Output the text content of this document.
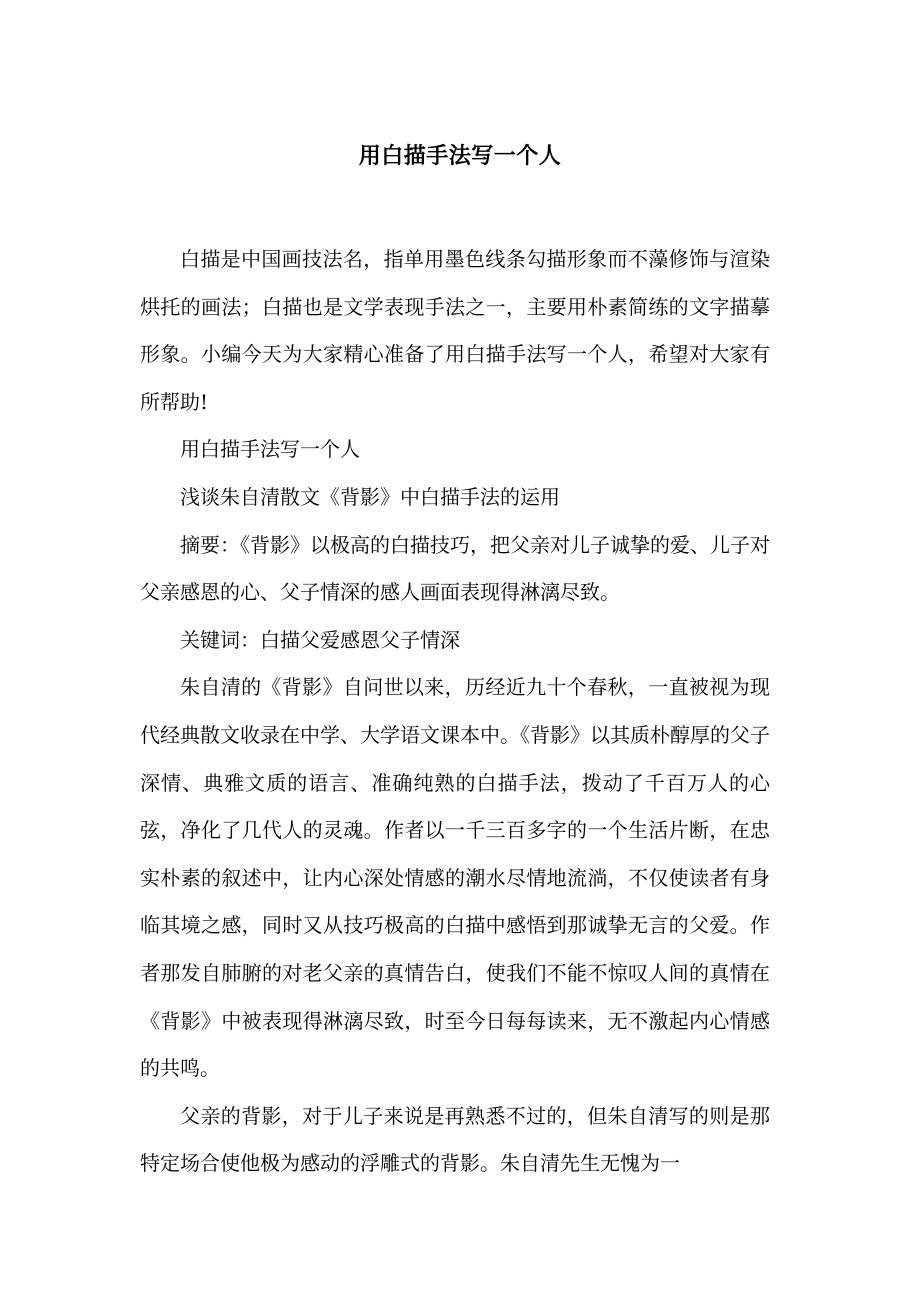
用白描手法写一个人

白描是中国画技法名，指单用墨色线条勾描形象而不藻修饰与渲染烘托的画法；白描也是文学表现手法之一，主要用朴素简练的文字描摹形象。小编今天为大家精心准备了用白描手法写一个人，希望对大家有所帮助!

用白描手法写一个人

浅谈朱自清散文《背影》中白描手法的运用

摘要：《背影》以极高的白描技巧，把父亲对儿子诚挚的爱、儿子对父亲感恩的心、父子情深的感人画面表现得淋漓尽致。

关键词：白描父爱感恩父子情深

朱自清的《背影》自问世以来，历经近九十个春秋，一直被视为现代经典散文收录在中学、大学语文课本中。《背影》以其质朴醇厚的父子深情、典雅文质的语言、准确纯熟的白描手法，拨动了千百万人的心弦，净化了几代人的灵魂。作者以一千三百多字的一个生活片断，在忠实朴素的叙述中，让内心深处情感的潮水尽情地流淌，不仅使读者有身临其境之感，同时又从技巧极高的白描中感悟到那诚挚无言的父爱。作者那发自肺腑的对老父亲的真情告白，使我们不能不惊叹人间的真情在《背影》中被表现得淋漓尽致，时至今日每每读来，无不激起内心情感的共鸣。

父亲的背影，对于儿子来说是再熟悉不过的，但朱自清写的则是那特定场合使他极为感动的浮雕式的背影。朱自清先生无愧为一
